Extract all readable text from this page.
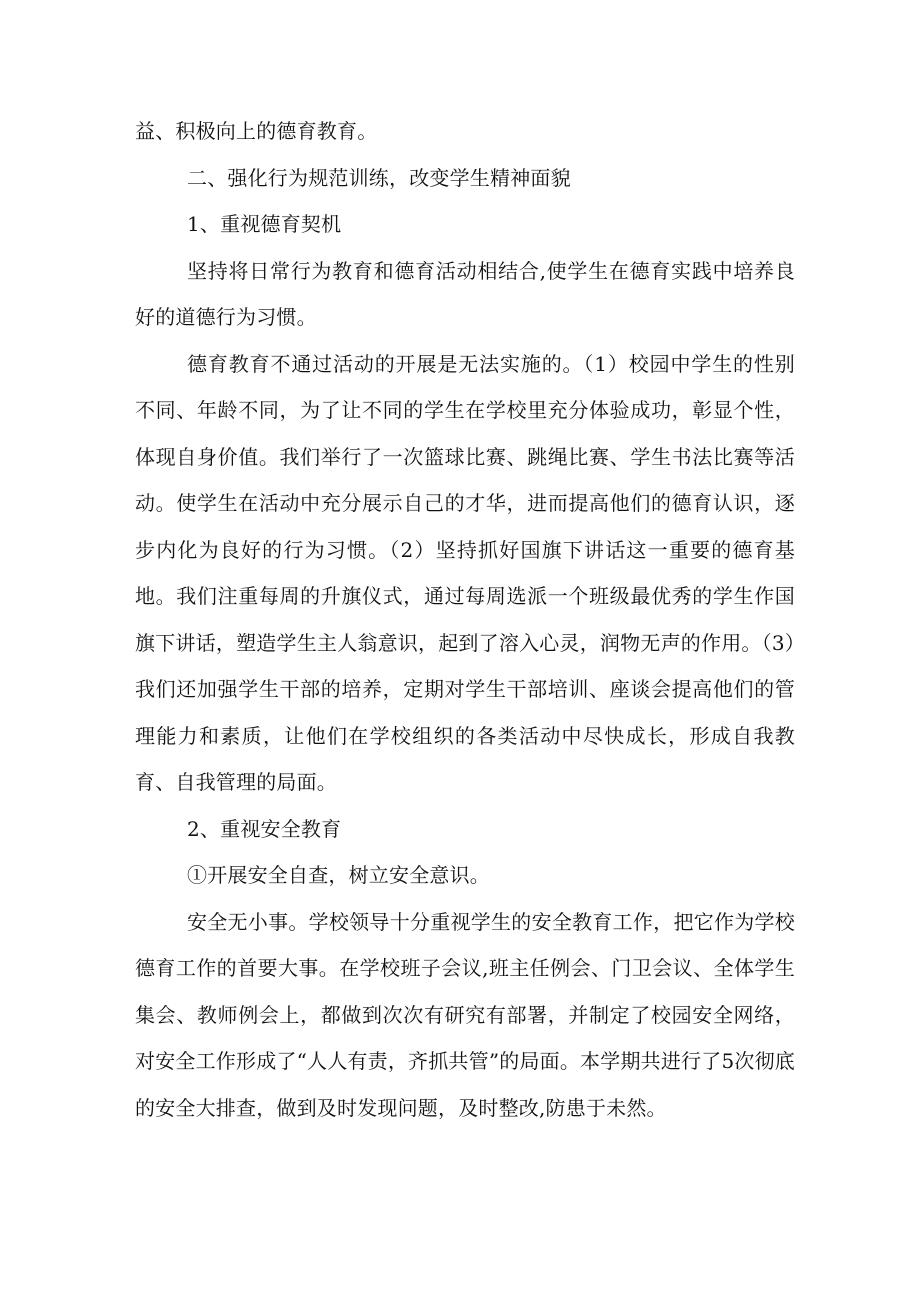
益、积极向上的德育教育。

二、强化行为规范训练，改变学生精神面貌

1、重视德育契机

坚持将日常行为教育和德育活动相结合,使学生在德育实践中培养良好的道德行为习惯。

德育教育不通过活动的开展是无法实施的。（1）校园中学生的性别不同、年龄不同，为了让不同的学生在学校里充分体验成功，彰显个性，体现自身价值。我们举行了一次篮球比赛、跳绳比赛、学生书法比赛等活动。使学生在活动中充分展示自己的才华，进而提高他们的德育认识，逐步内化为良好的行为习惯。（2）坚持抓好国旗下讲话这一重要的德育基地。我们注重每周的升旗仪式，通过每周选派一个班级最优秀的学生作国旗下讲话，塑造学生主人翁意识，起到了溶入心灵，润物无声的作用。（3）我们还加强学生干部的培养，定期对学生干部培训、座谈会提高他们的管理能力和素质，让他们在学校组织的各类活动中尽快成长，形成自我教育、自我管理的局面。

2、重视安全教育

①开展安全自查，树立安全意识。

安全无小事。学校领导十分重视学生的安全教育工作，把它作为学校德育工作的首要大事。在学校班子会议,班主任例会、门卫会议、全体学生集会、教师例会上，都做到次次有研究有部署，并制定了校园安全网络，对安全工作形成了“人人有责，齐抓共管”的局面。本学期共进行了5次彻底的安全大排查，做到及时发现问题，及时整改,防患于未然。
